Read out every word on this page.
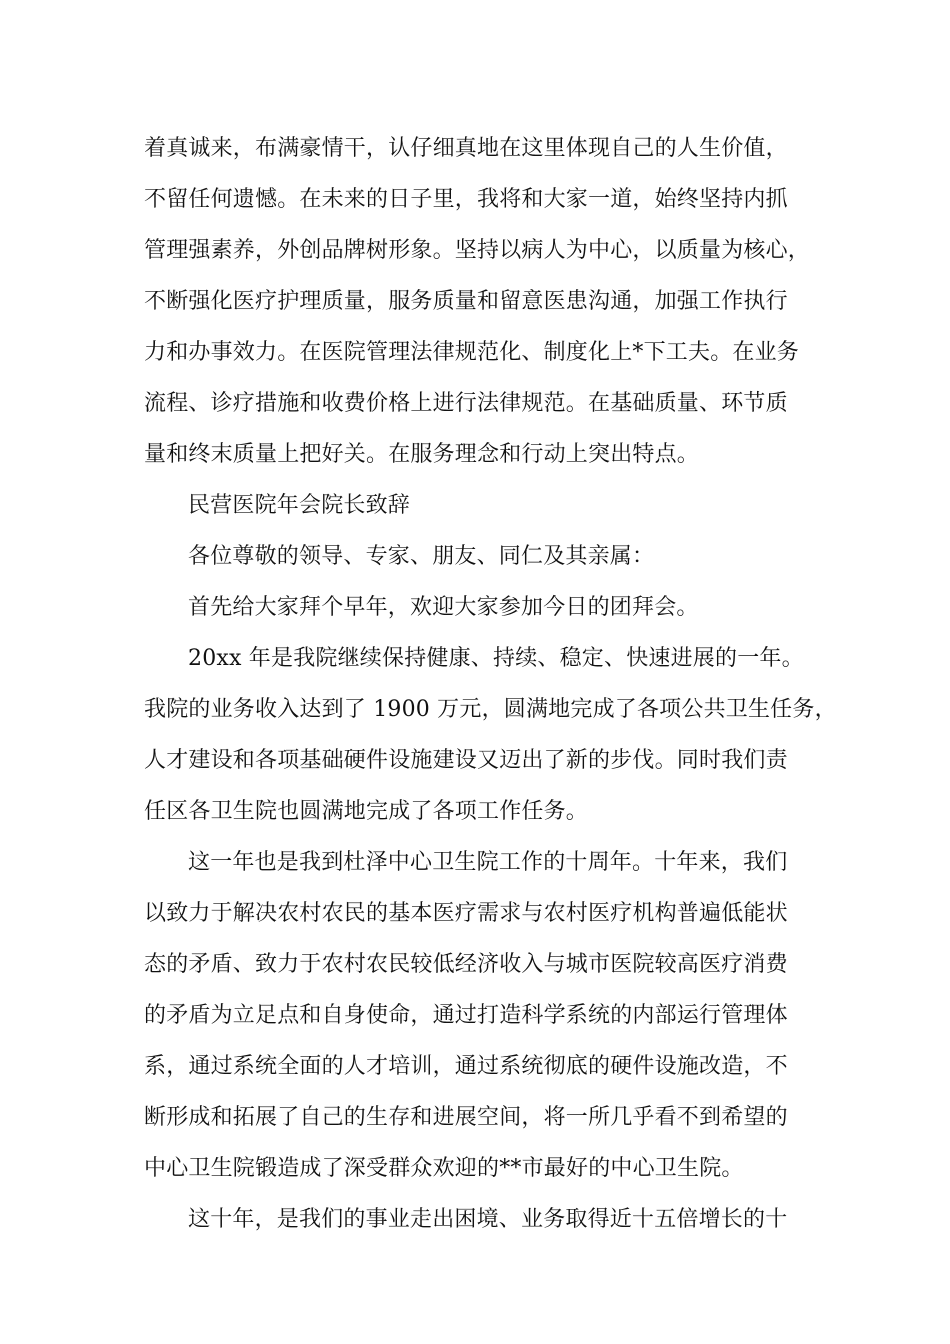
着真诚来，布满豪情干，认仔细真地在这里体现自己的人生价值，
不留任何遗憾。在未来的日子里，我将和大家一道，始终坚持内抓
管理强素养，外创品牌树形象。坚持以病人为中心，以质量为核心，
不断强化医疗护理质量，服务质量和留意医患沟通，加强工作执行
力和办事效力。在医院管理法律规范化、制度化上*下工夫。在业务
流程、诊疗措施和收费价格上进行法律规范。在基础质量、环节质
量和终末质量上把好关。在服务理念和行动上突出特点。
民营医院年会院长致辞
各位尊敬的领导、专家、朋友、同仁及其亲属：
首先给大家拜个早年，欢迎大家参加今日的团拜会。
20xx 年是我院继续保持健康、持续、稳定、快速进展的一年。
我院的业务收入达到了 1900 万元，圆满地完成了各项公共卫生任务，
人才建设和各项基础硬件设施建设又迈出了新的步伐。同时我们责
任区各卫生院也圆满地完成了各项工作任务。
这一年也是我到杜泽中心卫生院工作的十周年。十年来，我们
以致力于解决农村农民的基本医疗需求与农村医疗机构普遍低能状
态的矛盾、致力于农村农民较低经济收入与城市医院较高医疗消费
的矛盾为立足点和自身使命，通过打造科学系统的内部运行管理体
系，通过系统全面的人才培训，通过系统彻底的硬件设施改造，不
断形成和拓展了自己的生存和进展空间，将一所几乎看不到希望的
中心卫生院锻造成了深受群众欢迎的**市最好的中心卫生院。
这十年，是我们的事业走出困境、业务取得近十五倍增长的十
